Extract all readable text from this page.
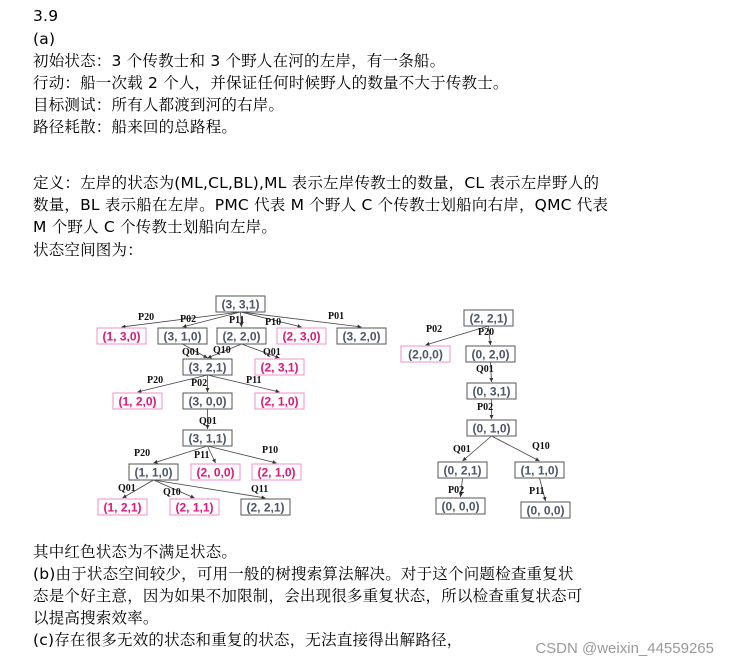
3.9
(a)
初始状态：3 个传教士和 3 个野人在河的左岸，有一条船。
行动：船一次载 2 个人，并保证任何时候野人的数量不大于传教士。
目标测试：所有人都渡到河的右岸。
路径耗散：船来回的总路程。
定义：左岸的状态为(ML,CL,BL),ML 表示左岸传教士的数量，CL 表示左岸野人的
数量，BL 表示船在左岸。PMC 代表 M 个野人 C 个传教士划船向右岸，QMC 代表
M 个野人 C 个传教士划船向左岸。
状态空间图为：
其中红色状态为不满足状态。
(b)由于状态空间较少，可用一般的树搜索算法解决。对于这个问题检查重复状
态是个好主意，因为如果不加限制，会出现很多重复状态，所以检查重复状态可
以提高搜索效率。
(c)存在很多无效的状态和重复的状态，无法直接得出解路径，	CSDN @weixin_44559265
P20	P02	P11 P10
P01
Q01 Q10	Q01
P20	P02	P11
Q01
P20	P11	P10
Q01	Q10	Q11
(3, 3,1)
(1, 3,0) (3, 1,0) (2, 2,0) (2, 3,0) (3, 2,0)
(3, 2,1)	(2, 3,1)
(1, 2,0)	(3, 0,0)	(2, 1,0)
(3, 1,1)
(1, 1,0) (2, 0,0) (2, 1,0)
(1, 2,1)	(2, 1,1)	(2, 2,1)
P02	P20
Q01
P02
Q01	Q10
P02	P11
(2, 2,1)
(2,0,0) (0, 2,0)
(0, 3,1)
(0, 1,0)
(0, 2,1)	(1, 1,0)
(0, 0,0)	(0, 0,0)
